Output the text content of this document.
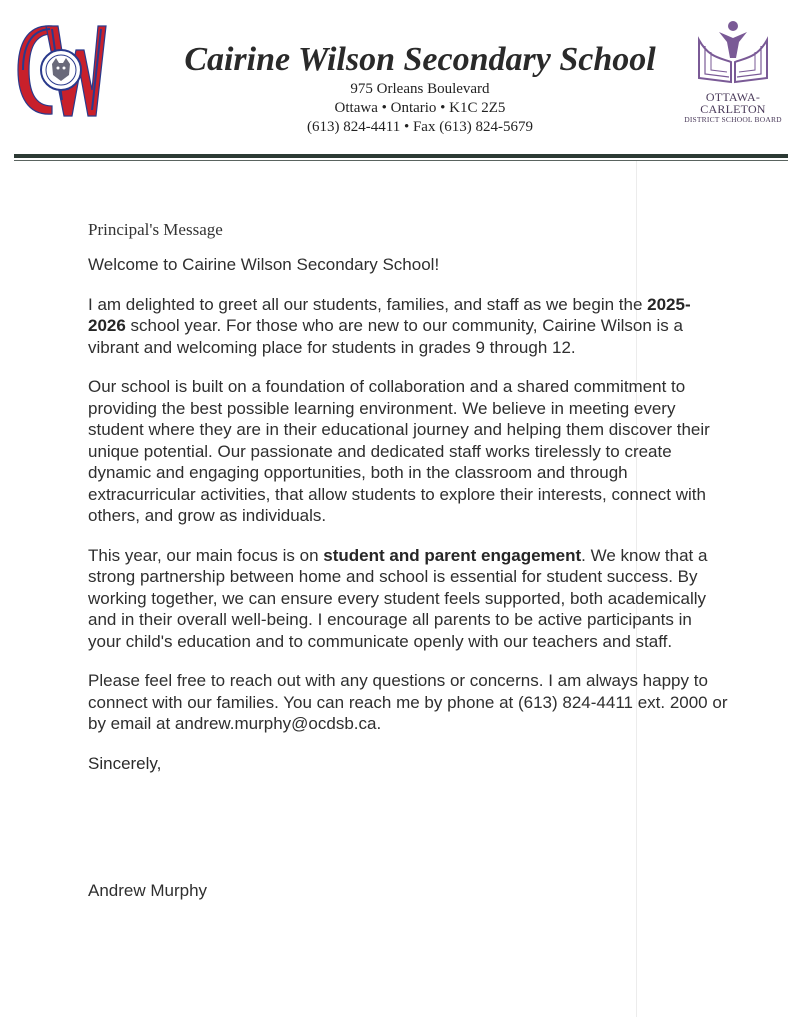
Cairine Wilson Secondary School
975 Orleans Boulevard
Ottawa • Ontario • K1C 2Z5
(613) 824-4411 • Fax (613) 824-5679
OTTAWA-CARLETON
DISTRICT SCHOOL BOARD
Principal's Message

Welcome to Cairine Wilson Secondary School!

I am delighted to greet all our students, families, and staff as we begin the 2025-2026 school year. For those who are new to our community, Cairine Wilson is a vibrant and welcoming place for students in grades 9 through 12.

Our school is built on a foundation of collaboration and a shared commitment to providing the best possible learning environment. We believe in meeting every student where they are in their educational journey and helping them discover their unique potential. Our passionate and dedicated staff works tirelessly to create dynamic and engaging opportunities, both in the classroom and through extracurricular activities, that allow students to explore their interests, connect with others, and grow as individuals.

This year, our main focus is on student and parent engagement. We know that a strong partnership between home and school is essential for student success. By working together, we can ensure every student feels supported, both academically and in their overall well-being. I encourage all parents to be active participants in your child's education and to communicate openly with our teachers and staff.

Please feel free to reach out with any questions or concerns. I am always happy to connect with our families. You can reach me by phone at (613) 824-4411 ext. 2000 or by email at andrew.murphy@ocdsb.ca.

Sincerely,

Andrew Murphy
